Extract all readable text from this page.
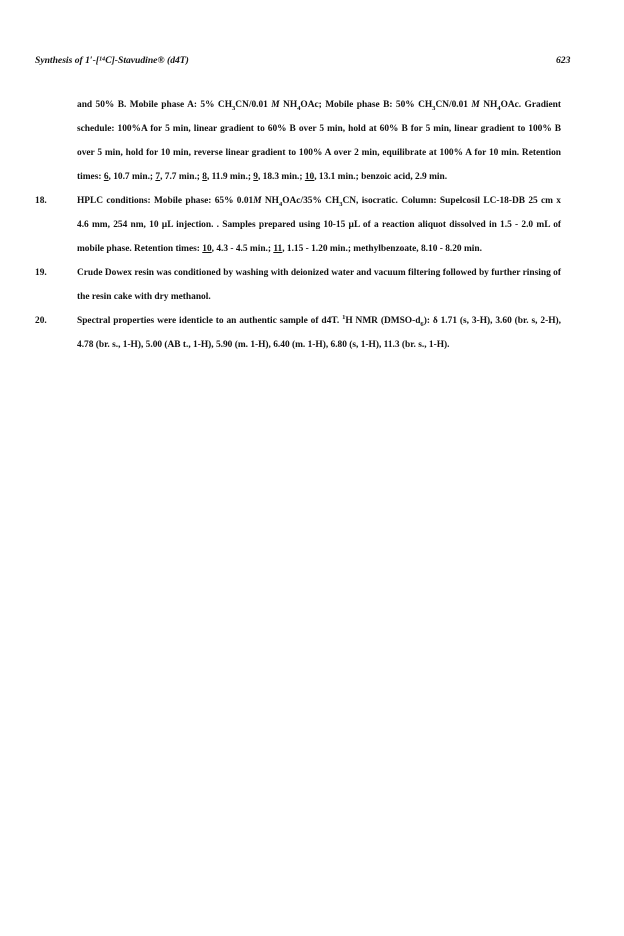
Synthesis of 1′-[¹⁴C]-Stavudine® (d4T)	623
and 50% B. Mobile phase A: 5% $CH_3CN/0.01$ M $NH_4OAc$; Mobile phase B: 50% $CH_3CN/0.01$ M $NH_4OAc$. Gradient schedule: 100%A for 5 min, linear gradient to 60% B over 5 min, hold at 60% B for 5 min, linear gradient to 100% B over 5 min, hold for 10 min, reverse linear gradient to 100% A over 2 min, equilibrate at 100% A for 10 min. Retention times: 6, 10.7 min.; 7, 7.7 min.; 8, 11.9 min.; 9, 18.3 min.; 10, 13.1 min.; benzoic acid, 2.9 min.
18.	HPLC conditions: Mobile phase: 65% 0.01M $NH_4OAc/35\%$ $CH_3CN$, isocratic. Column: Supelcosil LC-18-DB 25 cm x 4.6 mm, 254 nm, 10 µL injection. . Samples prepared using 10-15 µL of a reaction aliquot dissolved in 1.5 - 2.0 mL of mobile phase. Retention times: 10, 4.3 - 4.5 min.; 11, 1.15 - 1.20 min.; methylbenzoate, 8.10 - 8.20 min.
19.	Crude Dowex resin was conditioned by washing with deionized water and vacuum filtering followed by further rinsing of the resin cake with dry methanol.
20.	Spectral properties were identicle to an authentic sample of d4T. $^1$H NMR $(DMSO-d_6)$: δ 1.71 (s, 3-H), 3.60 (br. s, 2-H), 4.78 (br. s., 1-H), 5.00 (AB t., 1-H), 5.90 (m. 1-H), 6.40 (m. 1-H), 6.80 (s, 1-H), 11.3 (br. s., 1-H).
